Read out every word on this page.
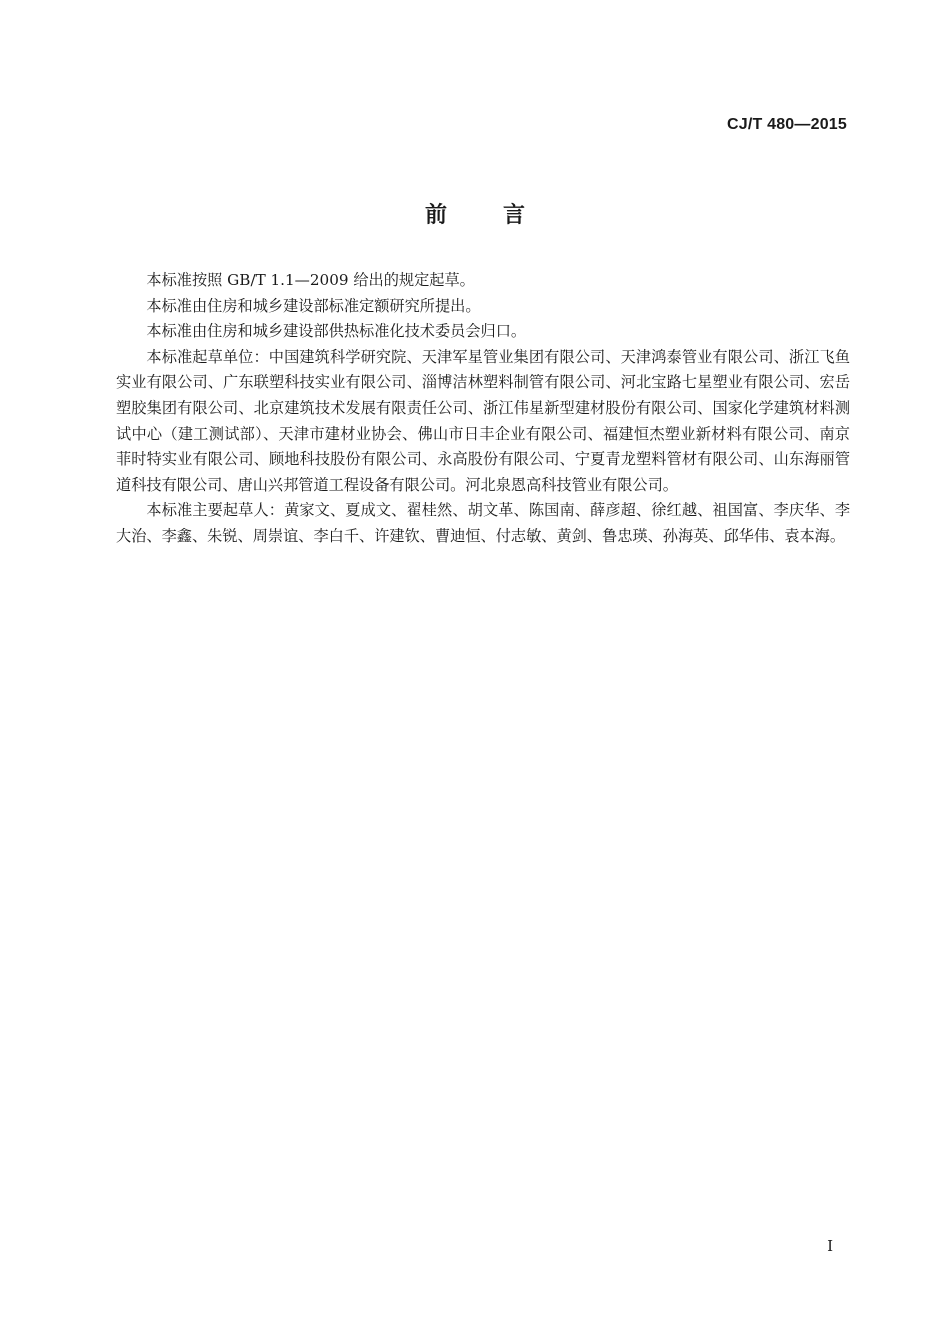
CJ/T 480—2015
前言

本标准按照 GB/T 1.1—2009 给出的规定起草。

本标准由住房和城乡建设部标准定额研究所提出。

本标准由住房和城乡建设部供热标准化技术委员会归口。

本标准起草单位：中国建筑科学研究院、天津军星管业集团有限公司、天津鸿泰管业有限公司、浙江飞鱼实业有限公司、广东联塑科技实业有限公司、淄博洁林塑料制管有限公司、河北宝路七星塑业有限公司、宏岳塑胶集团有限公司、北京建筑技术发展有限责任公司、浙江伟星新型建材股份有限公司、国家化学建筑材料测试中心（建工测试部）、天津市建材业协会、佛山市日丰企业有限公司、福建恒杰塑业新材料有限公司、南京菲时特实业有限公司、顾地科技股份有限公司、永高股份有限公司、宁夏青龙塑料管材有限公司、山东海丽管道科技有限公司、唐山兴邦管道工程设备有限公司。河北泉恩高科技管业有限公司。

本标准主要起草人：黄家文、夏成文、翟桂然、胡文革、陈国南、薛彦超、徐红越、祖国富、李庆华、李大治、李鑫、朱锐、周崇谊、李白千、许建钦、曹迪恒、付志敏、黄剑、鲁忠瑛、孙海英、邱华伟、袁本海。

I
